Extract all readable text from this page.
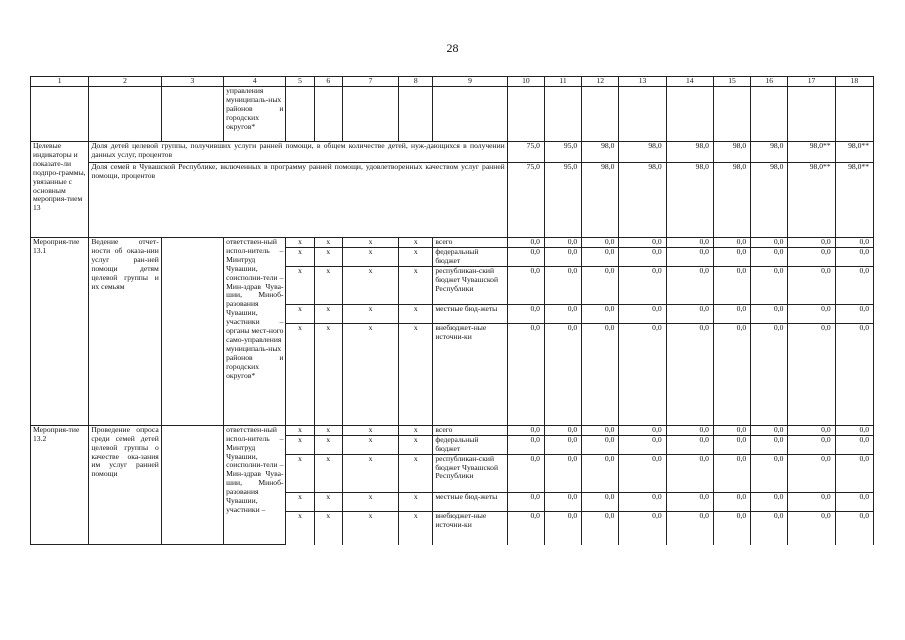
28
1	2	3	4	5	6	7	8	9	10	11	12	13	14	15	16	17	18
			управления муниципаль-ных районов и городских округов*														
Целевые индикаторы и показате-ли подпро-граммы, увязанные с основным мероприя-тием 13	Доля детей целевой группы, получивших услуги ранней помощи, в общем количестве детей, нуж-дающихся в получении данных услуг, процентов								75,0	95,0	98,0	98,0	98,0	98,0	98,0	98,0**	98,0**
	Доля семей в Чувашской Республике, включенных в программу ранней помощи, удовлетворенных качеством услуг ранней помощи, процентов								75,0	95,0	98,0	98,0	98,0	98,0	98,0	98,0**	98,0**
Мероприя-тие 13.1	Ведение отчет-ности об оказа-нии услуг ран-ней помощи детям целевой группы и их семьям		ответствен-ный испол-нитель – Минтруд Чувашии, соисполни-тели – Мин-здрав Чува-шии, Миноб-разования Чувашии, участники – органы мест-ного само-управления муниципаль-ных районов и городских округов*	x	x	x	x	всего	0,0	0,0	0,0	0,0	0,0	0,0	0,0	0,0	0,0
				x	x	x	x	федеральный бюджет	0,0	0,0	0,0	0,0	0,0	0,0	0,0	0,0	0,0
				x	x	x	x	республикан-ский бюджет Чувашской Республики	0,0	0,0	0,0	0,0	0,0	0,0	0,0	0,0	0,0
				x	x	x	x	местные бюд-жеты	0,0	0,0	0,0	0,0	0,0	0,0	0,0	0,0	0,0
				x	x	x	x	внебюджет-ные источни-ки	0,0	0,0	0,0	0,0	0,0	0,0	0,0	0,0	0,0
Мероприя-тие 13.2	Проведение опроса среди семей детей целевой группы о качестве ока-зания им услуг ранней помощи		ответствен-ный испол-нитель – Минтруд Чувашии, соисполни-тели – Мин-здрав Чува-шии, Миноб-разования Чувашии, участники –	x	x	x	x	всего	0,0	0,0	0,0	0,0	0,0	0,0	0,0	0,0	0,0
				x	x	x	x	федеральный бюджет	0,0	0,0	0,0	0,0	0,0	0,0	0,0	0,0	0,0
				x	x	x	x	республикан-ский бюджет Чувашской Республики	0,0	0,0	0,0	0,0	0,0	0,0	0,0	0,0	0,0
				x	x	x	x	местные бюд-жеты	0,0	0,0	0,0	0,0	0,0	0,0	0,0	0,0	0,0
				x	x	x	x	внебюджет-ные источни-ки	0,0	0,0	0,0	0,0	0,0	0,0	0,0	0,0	0,0
